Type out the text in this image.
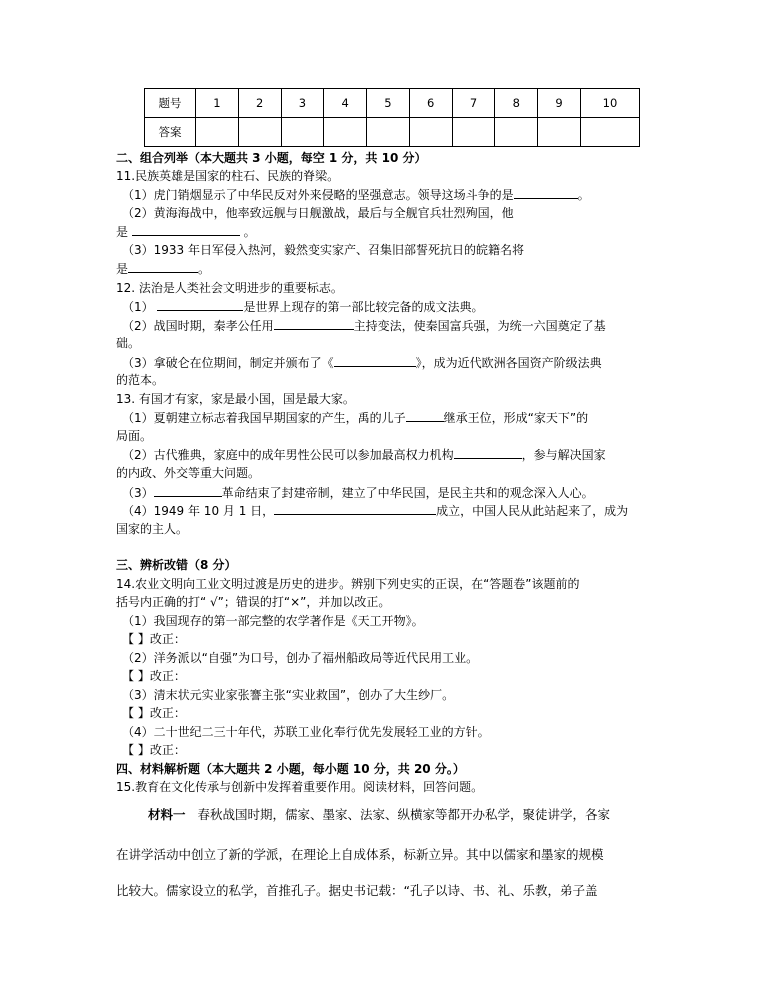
题号	1	2	3	4	5	6	7	8	9	10
答案										
二、组合列举（本大题共 3 小题，每空 1 分，共 10 分）
11.民族英雄是国家的柱石、民族的脊梁。
（1）虎门销烟显示了中华民反对外来侵略的坚强意志。领导这场斗争的是	。
（2）黄海海战中，他率致远舰与日舰激战，最后与全舰官兵壮烈殉国，他
是	。
（3）1933 年日军侵入热河，毅然变实家产、召集旧部誓死抗日的皖籍名将
是	。
12. 法治是人类社会文明进步的重要标志。
（1）	是世界上现存的第一部比较完备的成文法典。
（2）战国时期，秦孝公任用	主持变法，使秦国富兵强，为统一六国奠定了基
础。
（3）拿破仑在位期间，制定并颁布了《	》，成为近代欧洲各国资产阶级法典
的范本。
13. 有国才有家，家是最小国，国是最大家。
（1）夏朝建立标志着我国早期国家的产生，禹的儿子	继承王位，形成“家天下”的
局面。
（2）古代雅典，家庭中的成年男性公民可以参加最高权力机构	，参与解决国家
的内政、外交等重大问题。
（3）	革命结束了封建帝制，建立了中华民国，是民主共和的观念深入人心。
（4）1949 年 10 月 1 日，	成立，中国人民从此站起来了，成为
国家的主人。
三、辨析改错（8 分）
14.农业文明向工业文明过渡是历史的进步。辨别下列史实的正误，在“答题卷”该题前的
括号内正确的打“ √”；错误的打“×”，并加以改正。
（1）我国现存的第一部完整的农学著作是《天工开物》。
【 】改正：
（2）洋务派以“自强”为口号，创办了福州船政局等近代民用工业。
【 】改正：
（3）清末状元实业家张謇主张“实业救国”，创办了大生纱厂。
【 】改正：
（4）二十世纪二三十年代，苏联工业化奉行优先发展轻工业的方针。
【 】改正：
四、材料解析题（本大题共 2 小题，每小题 10 分，共 20 分。）
15.教育在文化传承与创新中发挥着重要作用。阅读材料，回答问题。
材料一 春秋战国时期，儒家、墨家、法家、纵横家等都开办私学，聚徒讲学，各家
在讲学活动中创立了新的学派，在理论上自成体系，标新立异。其中以儒家和墨家的规模
比较大。儒家设立的私学，首推孔子。据史书记载：“孔子以诗、书、礼、乐教，弟子盖
